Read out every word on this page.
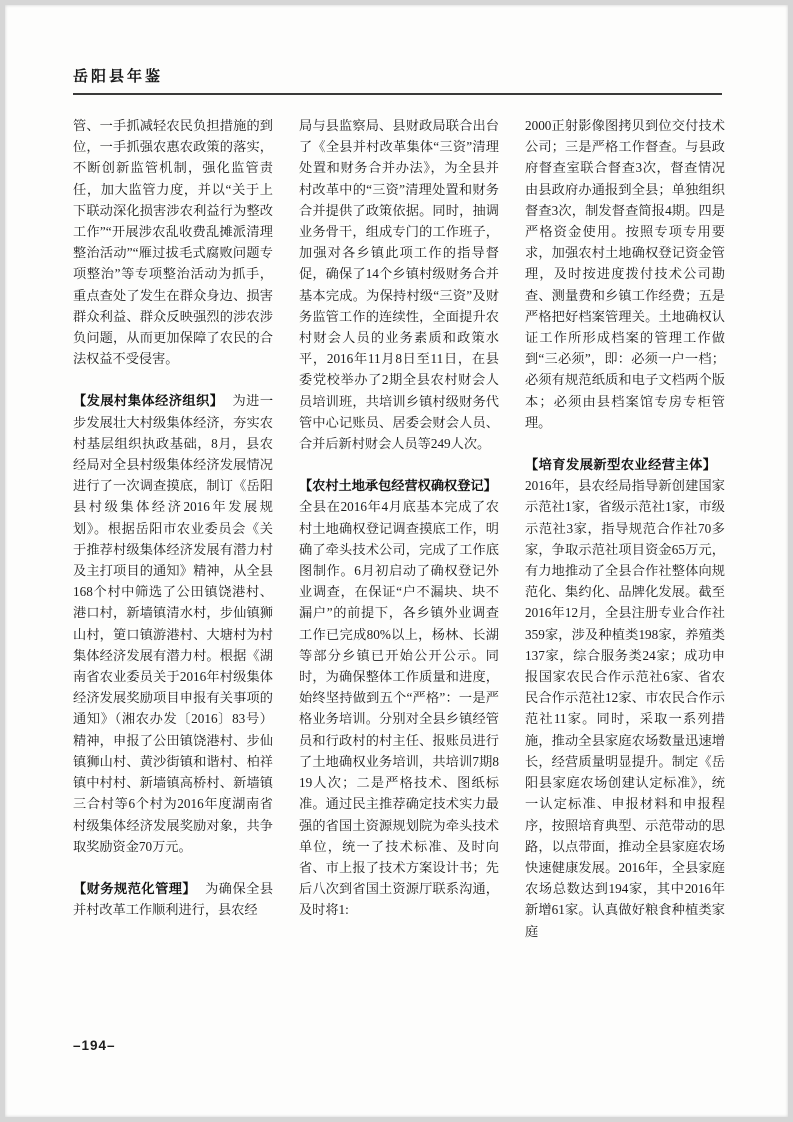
岳阳县年鉴

管、一手抓减轻农民负担措施的到位，一手抓强农惠农政策的落实，不断创新监管机制，强化监管责任，加大监管力度，并以“关于上下联动深化损害涉农利益行为整改工作”“开展涉农乱收费乱摊派清理整治活动”“雁过拔毛式腐败问题专项整治”等专项整治活动为抓手，重点查处了发生在群众身边、损害群众利益、群众反映强烈的涉农涉负问题，从而更加保障了农民的合法权益不受侵害。

【发展村集体经济组织】 为进一步发展壮大村级集体经济，夯实农村基层组织执政基础，8月，县农经局对全县村级集体经济发展情况进行了一次调查摸底，制订《岳阳县村级集体经济2016年发展规划》。根据岳阳市农业委员会《关于推荐村级集体经济发展有潜力村及主打项目的通知》精神，从全县168个村中筛选了公田镇饶港村、港口村，新墙镇清水村，步仙镇狮山村，筻口镇游港村、大塘村为村集体经济发展有潜力村。根据《湖南省农业委员关于2016年村级集体经济发展奖励项目申报有关事项的通知》（湘农办发〔2016〕83号）精神，申报了公田镇饶港村、步仙镇狮山村、黄沙街镇和谐村、柏祥镇中村村、新墙镇高桥村、新墙镇三合村等6个村为2016年度湖南省村级集体经济发展奖励对象，共争取奖励资金70万元。

【财务规范化管理】 为确保全县并村改革工作顺利进行，县农经

局与县监察局、县财政局联合出台了《全县并村改革集体“三资”清理处置和财务合并办法》，为全县并村改革中的“三资”清理处置和财务合并提供了政策依据。同时，抽调业务骨干，组成专门的工作班子，加强对各乡镇此项工作的指导督促，确保了14个乡镇村级财务合并基本完成。为保持村级“三资”及财务监管工作的连续性，全面提升农村财会人员的业务素质和政策水平，2016年11月8日至11日，在县委党校举办了2期全县农村财会人员培训班，共培训乡镇村级财务代管中心记账员、居委会财会人员、合并后新村财会人员等249人次。

【农村土地承包经营权确权登记】全县在2016年4月底基本完成了农村土地确权登记调查摸底工作，明确了牵头技术公司，完成了工作底图制作。6月初启动了确权登记外业调查，在保证“户不漏块、块不漏户”的前提下，各乡镇外业调查工作已完成80%以上，杨林、长湖等部分乡镇已开始公开公示。同时，为确保整体工作质量和进度，始终坚持做到五个“严格”：一是严格业务培训。分别对全县乡镇经管员和行政村的村主任、报账员进行了土地确权业务培训，共培训7期819人次；二是严格技术、图纸标准。通过民主推荐确定技术实力最强的省国土资源规划院为牵头技术单位，统一了技术标准、及时向省、市上报了技术方案设计书；先后八次到省国土资源厅联系沟通，及时将1:

2000正射影像图拷贝到位交付技术公司；三是严格工作督查。与县政府督查室联合督查3次，督查情况由县政府办通报到全县；单独组织督查3次，制发督查简报4期。四是严格资金使用。按照专项专用要求，加强农村土地确权登记资金管理，及时按进度拨付技术公司勘查、测量费和乡镇工作经费；五是严格把好档案管理关。土地确权认证工作所形成档案的管理工作做到“三必须”，即：必须一户一档；必须有规范纸质和电子文档两个版本；必须由县档案馆专房专柜管理。

【培育发展新型农业经营主体】2016年，县农经局指导新创建国家示范社1家，省级示范社1家，市级示范社3家，指导规范合作社70多家，争取示范社项目资金65万元，有力地推动了全县合作社整体向规范化、集约化、品牌化发展。截至2016年12月，全县注册专业合作社359家，涉及种植类198家，养殖类137家，综合服务类24家；成功申报国家农民合作示范社6家、省农民合作示范社12家、市农民合作示范社11家。同时，采取一系列措施，推动全县家庭农场数量迅速增长，经营质量明显提升。制定《岳阳县家庭农场创建认定标准》，统一认定标准、申报材料和申报程序，按照培育典型、示范带动的思路，以点带面，推动全县家庭农场快速健康发展。2016年，全县家庭农场总数达到194家，其中2016年新增61家。认真做好粮食种植类家庭

–194–
